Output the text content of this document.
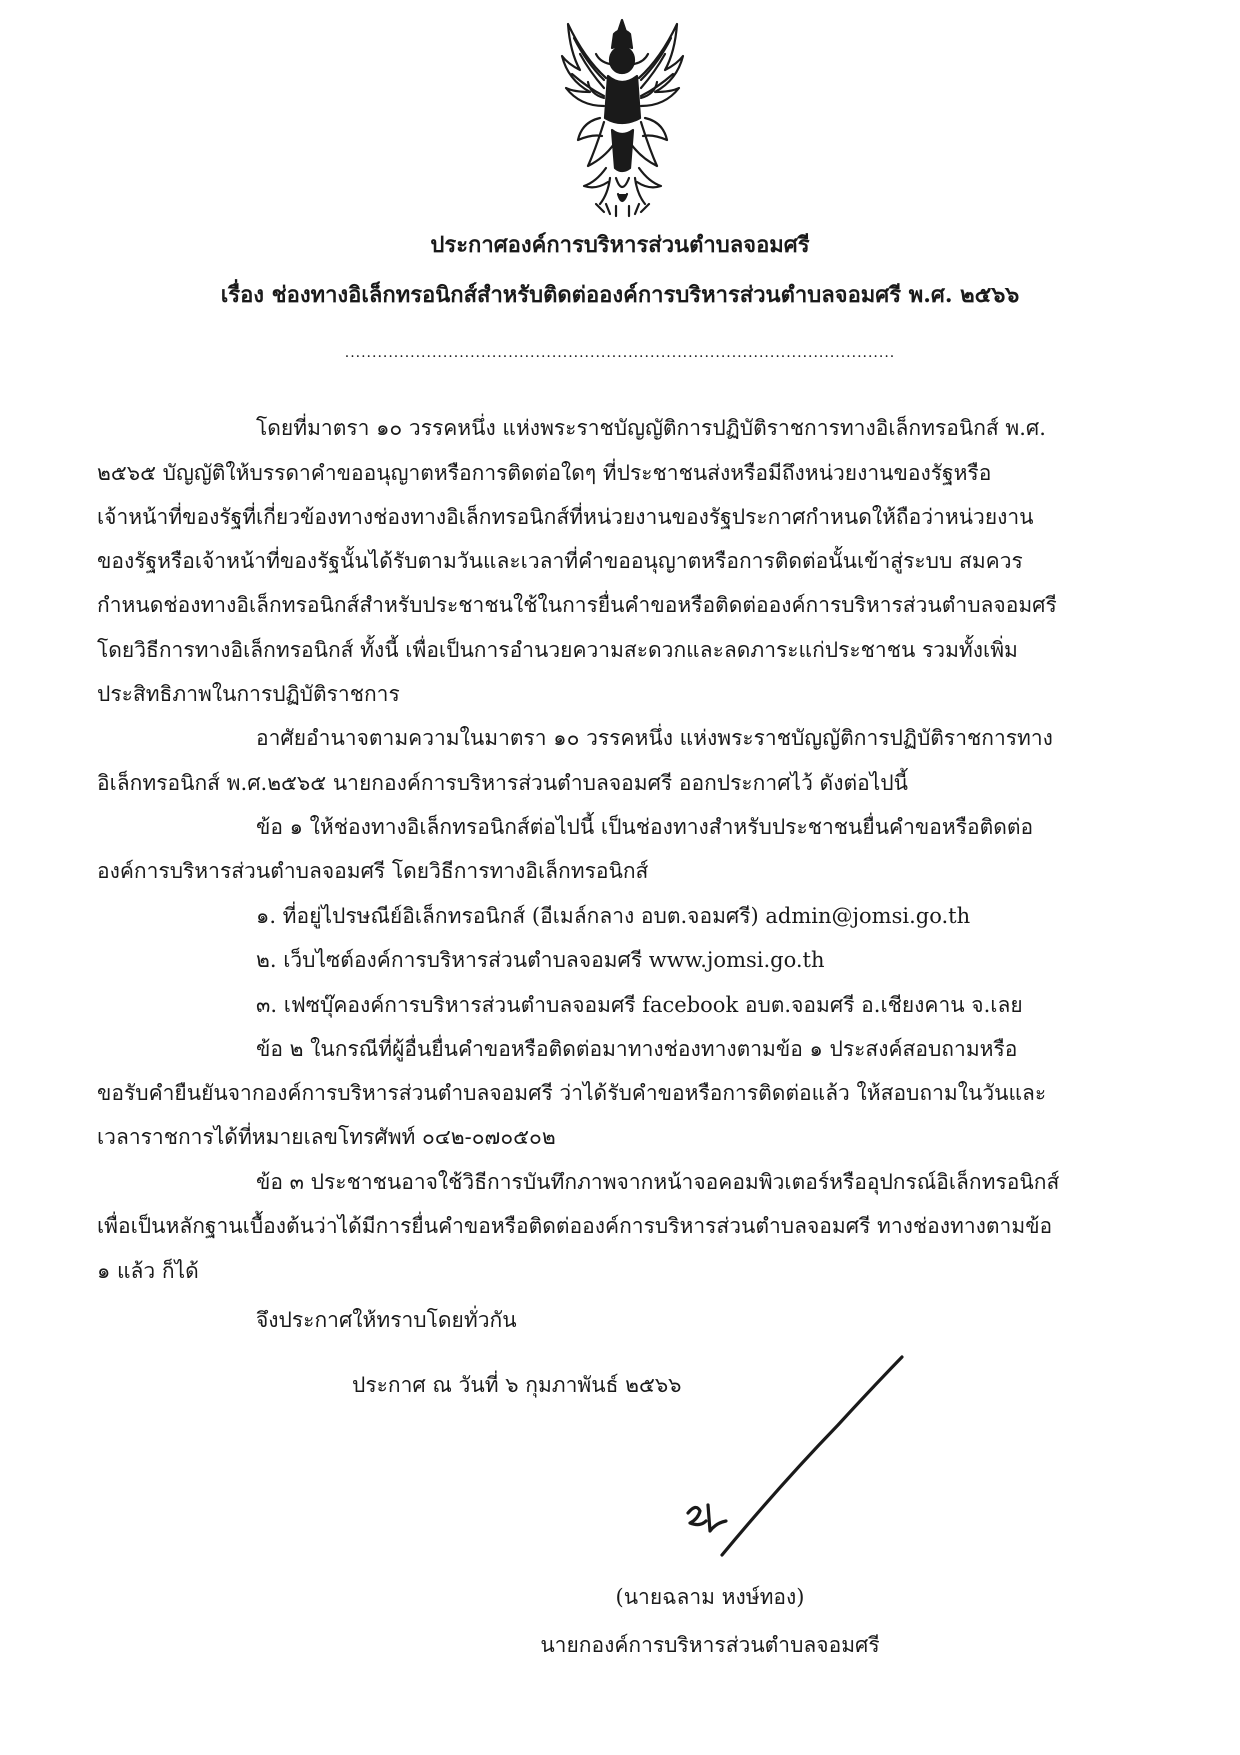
ประกาศองค์การบริหารส่วนตำบลจอมศรี
เรื่อง ช่องทางอิเล็กทรอนิกส์สำหรับติดต่อองค์การบริหารส่วนตำบลจอมศรี พ.ศ. ๒๕๖๖
.....................................................................................................
โดยที่มาตรา ๑๐ วรรคหนึ่ง แห่งพระราชบัญญัติการปฏิบัติราชการทางอิเล็กทรอนิกส์ พ.ศ.
๒๕๖๕ บัญญัติให้บรรดาคำขออนุญาตหรือการติดต่อใดๆ ที่ประชาชนส่งหรือมีถึงหน่วยงานของรัฐหรือ
เจ้าหน้าที่ของรัฐที่เกี่ยวข้องทางช่องทางอิเล็กทรอนิกส์ที่หน่วยงานของรัฐประกาศกำหนดให้ถือว่าหน่วยงาน
ของรัฐหรือเจ้าหน้าที่ของรัฐนั้นได้รับตามวันและเวลาที่คำขออนุญาตหรือการติดต่อนั้นเข้าสู่ระบบ สมควร
กำหนดช่องทางอิเล็กทรอนิกส์สำหรับประชาชนใช้ในการยื่นคำขอหรือติดต่อองค์การบริหารส่วนตำบลจอมศรี
โดยวิธีการทางอิเล็กทรอนิกส์ ทั้งนี้ เพื่อเป็นการอำนวยความสะดวกและลดภาระแก่ประชาชน รวมทั้งเพิ่ม
ประสิทธิภาพในการปฏิบัติราชการ
อาศัยอำนาจตามความในมาตรา ๑๐ วรรคหนึ่ง แห่งพระราชบัญญัติการปฏิบัติราชการทาง
อิเล็กทรอนิกส์ พ.ศ.๒๕๖๕ นายกองค์การบริหารส่วนตำบลจอมศรี ออกประกาศไว้ ดังต่อไปนี้
ข้อ ๑ ให้ช่องทางอิเล็กทรอนิกส์ต่อไปนี้ เป็นช่องทางสำหรับประชาชนยื่นคำขอหรือติดต่อ
องค์การบริหารส่วนตำบลจอมศรี โดยวิธีการทางอิเล็กทรอนิกส์
๑. ที่อยู่ไปรษณีย์อิเล็กทรอนิกส์ (อีเมล์กลาง อบต.จอมศรี) admin@jomsi.go.th
๒. เว็บไซต์องค์การบริหารส่วนตำบลจอมศรี www.jomsi.go.th
๓. เฟซบุ๊คองค์การบริหารส่วนตำบลจอมศรี facebook อบต.จอมศรี อ.เชียงคาน จ.เลย
ข้อ ๒ ในกรณีที่ผู้อื่นยื่นคำขอหรือติดต่อมาทางช่องทางตามข้อ ๑ ประสงค์สอบถามหรือ
ขอรับคำยืนยันจากองค์การบริหารส่วนตำบลจอมศรี ว่าได้รับคำขอหรือการติดต่อแล้ว ให้สอบถามในวันและ
เวลาราชการได้ที่หมายเลขโทรศัพท์ ๐๔๒-๐๗๐๕๐๒
ข้อ ๓ ประชาชนอาจใช้วิธีการบันทึกภาพจากหน้าจอคอมพิวเตอร์หรืออุปกรณ์อิเล็กทรอนิกส์
เพื่อเป็นหลักฐานเบื้องต้นว่าได้มีการยื่นคำขอหรือติดต่อองค์การบริหารส่วนตำบลจอมศรี ทางช่องทางตามข้อ
๑ แล้ว ก็ได้
จึงประกาศให้ทราบโดยทั่วกัน
ประกาศ ณ วันที่ ๖ กุมภาพันธ์ ๒๕๖๖
(นายฉลาม หงษ์ทอง)
นายกองค์การบริหารส่วนตำบลจอมศรี
